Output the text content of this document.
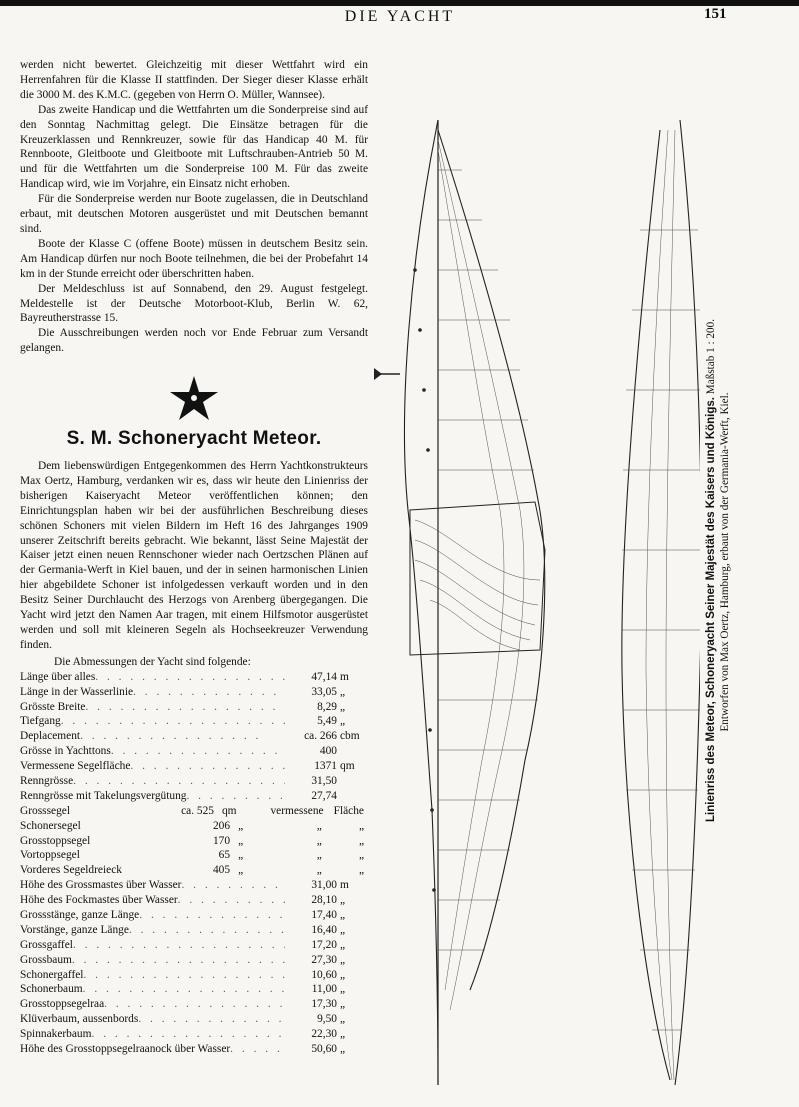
DIE YACHT	151

werden nicht bewertet. Gleichzeitig mit dieser Wettfahrt wird ein Herrenfahren für die Klasse II stattfinden. Der Sieger dieser Klasse erhält die 3000 M. des K.M.C. (gegeben von Herrn O. Müller, Wannsee).

Das zweite Handicap und die Wettfahrten um die Sonderpreise sind auf den Sonntag Nachmittag gelegt. Die Einsätze betragen für die Kreuzerklassen und Rennkreuzer, sowie für das Handicap 40 M. für Rennboote, Gleitboote und Gleitboote mit Luftschrauben-Antrieb 50 M. und für die Wettfahrten um die Sonderpreise 100 M. Für das zweite Handicap wird, wie im Vorjahre, ein Einsatz nicht erhoben.

Für die Sonderpreise werden nur Boote zugelassen, die in Deutschland erbaut, mit deutschen Motoren ausgerüstet und mit Deutschen bemannt sind.

Boote der Klasse C (offene Boote) müssen in deutschem Besitz sein. Am Handicap dürfen nur noch Boote teilnehmen, die bei der Probefahrt 14 km in der Stunde erreicht oder überschritten haben.

Der Meldeschluss ist auf Sonnabend, den 29. August festgelegt. Meldestelle ist der Deutsche Motorboot-Klub, Berlin W. 62, Bayreutherstrasse 15.

Die Ausschreibungen werden noch vor Ende Februar zum Versandt gelangen.

S. M. Schoneryacht Meteor.

Dem liebenswürdigen Entgegenkommen des Herrn Yachtkonstrukteurs Max Oertz, Hamburg, verdanken wir es, dass wir heute den Linienriss der bisherigen Kaiseryacht Meteor veröffentlichen können; den Einrichtungsplan haben wir bei der ausführlichen Beschreibung dieses schönen Schoners mit vielen Bildern im Heft 16 des Jahrganges 1909 unserer Zeitschrift bereits gebracht. Wie bekannt, lässt Seine Majestät der Kaiser jetzt einen neuen Rennschoner wieder nach Oertzschen Plänen auf der Germania-Werft in Kiel bauen, und der in seinen harmonischen Linien hier abgebildete Schoner ist infolgedessen verkauft worden und in den Besitz Seiner Durchlaucht des Herzogs von Arenberg übergegangen. Die Yacht wird jetzt den Namen Aar tragen, mit einem Hilfsmotor ausgerüstet werden und soll mit kleineren Segeln als Hochseekreuzer Verwendung finden.

Die Abmessungen der Yacht sind folgende:

Länge über alles . . .	47,14 m
Länge in der Wasserlinie . . .	33,05 „
Grösste Breite . . .	8,29 „
Tiefgang . . .	5,49 „
Deplacement . . .	ca. 266 cbm
Grösse in Yachttons . . .	400
Vermessene Segelfläche . . .	1371 qm
Renngrösse . . .	31,50
Renngrösse mit Takelungsvergütung . . .	27,74
Grosssegel	ca. 525 qm	vermessene Fläche
Schonersegel	206 „	„	„
Grosstoppsegel	170 „	„	„
Vortoppsegel	65 „	„	„
Vorderes Segeldreieck	405 „	„	„
Höhe des Grossmastes über Wasser . . .	31,00 m
Höhe des Fockmastes über Wasser . . .	28,10 „
Grossstänge, ganze Länge . . .	17,40 „
Vorstänge, ganze Länge . . .	16,40 „
Grossgaffel . . .	17,20 „
Grossbaum . . .	27,30 „
Schonergaffel . . .	10,60 „
Schonerbaum . . .	11,00 „
Grosstoppsegelraa . . .	17,30 „
Klüverbaum, aussenbords . . .	9,50 „
Spinnakerbaum . . .	22,30 „
Höhe des Grosstoppsegelraanock über Wasser . . .	50,60 „
Linienriss des Meteor, Schoneryacht Seiner Majestät des Kaisers und Königs. Maßstab 1 : 200.
Entworfen von Max Oertz, Hamburg, erbaut von der Germania-Werft, Kiel.
